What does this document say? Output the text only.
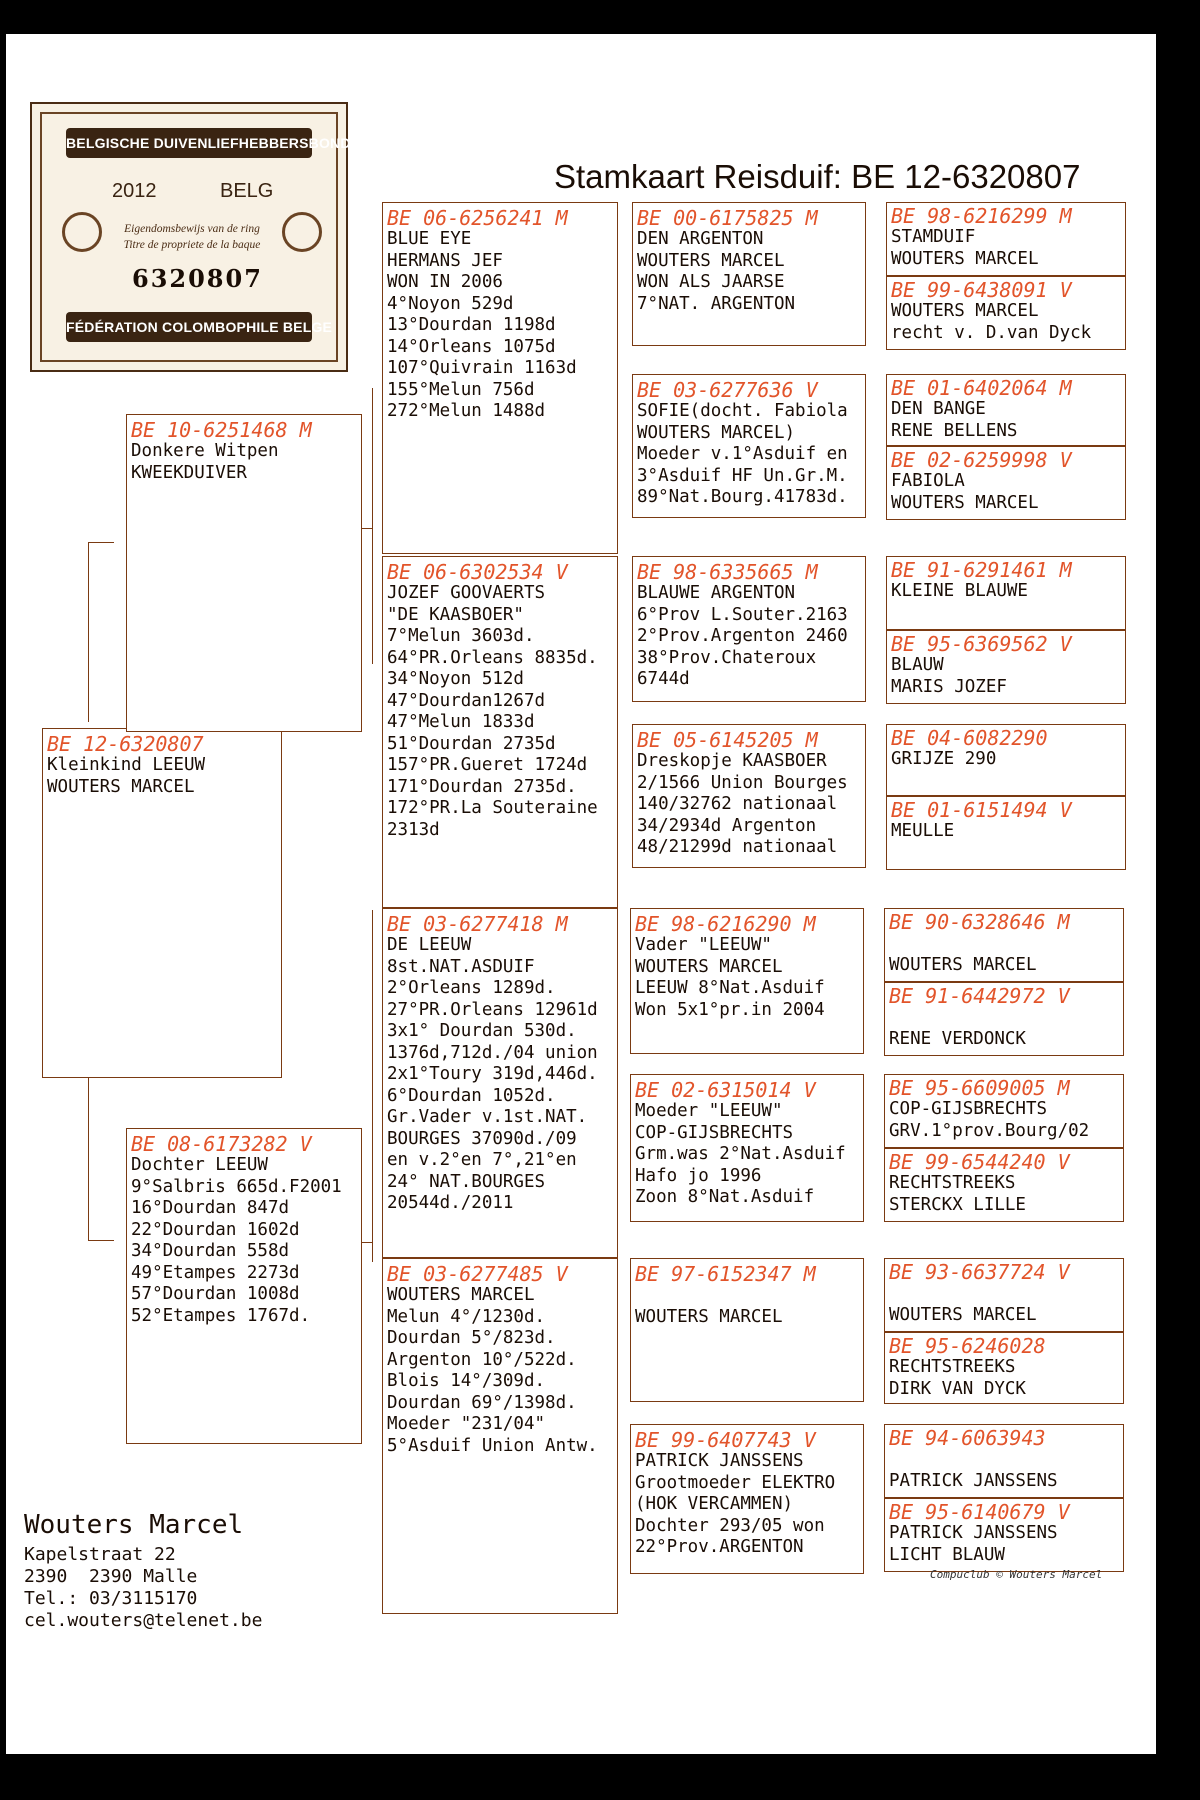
BELGISCHE DUIVENLIEFHEBBERSBOND
2012	BELG
Eigendomsbewijs van de ring
Titre de propriete de la baque
6320807
FÉDÉRATION COLOMBOPHILE BELGE
Stamkaart Reisduif: BE 12-6320807
BE 12-6320807
Kleinkind LEEUW
WOUTERS MARCEL
BE 10-6251468 M
Donkere Witpen
KWEEKDUIVER
BE 08-6173282 V
Dochter LEEUW
9°Salbris 665d.F2001
16°Dourdan 847d
22°Dourdan 1602d
34°Dourdan 558d
49°Etampes 2273d
57°Dourdan 1008d
52°Etampes 1767d.
BE 06-6256241 M
BLUE EYE
HERMANS JEF
WON IN 2006
4°Noyon 529d
13°Dourdan 1198d
14°Orleans 1075d
107°Quivrain 1163d
155°Melun 756d
272°Melun 1488d
BE 06-6302534 V
JOZEF GOOVAERTS
"DE KAASBOER"
7°Melun 3603d.
64°PR.Orleans 8835d.
34°Noyon 512d
47°Dourdan1267d
47°Melun 1833d
51°Dourdan 2735d
157°PR.Gueret 1724d
171°Dourdan 2735d.
172°PR.La Souteraine
2313d
BE 03-6277418 M
DE LEEUW
8st.NAT.ASDUIF
2°Orleans 1289d.
27°PR.Orleans 12961d
3x1° Dourdan 530d.
1376d,712d./04 union
2x1°Toury 319d,446d.
6°Dourdan 1052d.
Gr.Vader v.1st.NAT.
BOURGES 37090d./09
en v.2°en 7°,21°en
24° NAT.BOURGES
20544d./2011
BE 03-6277485 V
WOUTERS MARCEL
Melun 4°/1230d.
Dourdan 5°/823d.
Argenton 10°/522d.
Blois 14°/309d.
Dourdan 69°/1398d.
Moeder "231/04"
5°Asduif Union Antw.
BE 00-6175825 M
DEN ARGENTON
WOUTERS MARCEL
WON ALS JAARSE
7°NAT. ARGENTON
BE 03-6277636 V
SOFIE(docht. Fabiola
WOUTERS MARCEL)
Moeder v.1°Asduif en
3°Asduif HF Un.Gr.M.
89°Nat.Bourg.41783d.
BE 98-6335665 M
BLAUWE ARGENTON
6°Prov L.Souter.2163
2°Prov.Argenton 2460
38°Prov.Chateroux
6744d
BE 05-6145205 M
Dreskopje KAASBOER
2/1566 Union Bourges
140/32762 nationaal
34/2934d Argenton
48/21299d nationaal
BE 98-6216290 M
Vader "LEEUW"
WOUTERS MARCEL
LEEUW 8°Nat.Asduif
Won 5x1°pr.in 2004
BE 02-6315014 V
Moeder "LEEUW"
COP-GIJSBRECHTS
Grm.was 2°Nat.Asduif
Hafo jo 1996
Zoon 8°Nat.Asduif
BE 97-6152347 M

WOUTERS MARCEL
BE 99-6407743 V
PATRICK JANSSENS
Grootmoeder ELEKTRO
(HOK VERCAMMEN)
Dochter 293/05 won
22°Prov.ARGENTON
BE 98-6216299 M
STAMDUIF
WOUTERS MARCEL
BE 99-6438091 V
WOUTERS MARCEL
recht v. D.van Dyck
BE 01-6402064 M
DEN BANGE
RENE BELLENS
BE 02-6259998 V
FABIOLA
WOUTERS MARCEL
BE 91-6291461 M
KLEINE BLAUWE
BE 95-6369562 V
BLAUW
MARIS JOZEF
BE 04-6082290
GRIJZE 290
BE 01-6151494 V
MEULLE
BE 90-6328646 M

WOUTERS MARCEL
BE 91-6442972 V

RENE VERDONCK
BE 95-6609005 M
COP-GIJSBRECHTS
GRV.1°prov.Bourg/02
BE 99-6544240 V
RECHTSTREEKS
STERCKX LILLE
BE 93-6637724 V

WOUTERS MARCEL
BE 95-6246028
RECHTSTREEKS
DIRK VAN DYCK
BE 94-6063943

PATRICK JANSSENS
BE 95-6140679 V
PATRICK JANSSENS
LICHT BLAUW
Wouters Marcel
Kapelstraat 22
2390  2390 Malle
Tel.: 03/3115170
cel.wouters@telenet.be
Compuclub © Wouters Marcel
